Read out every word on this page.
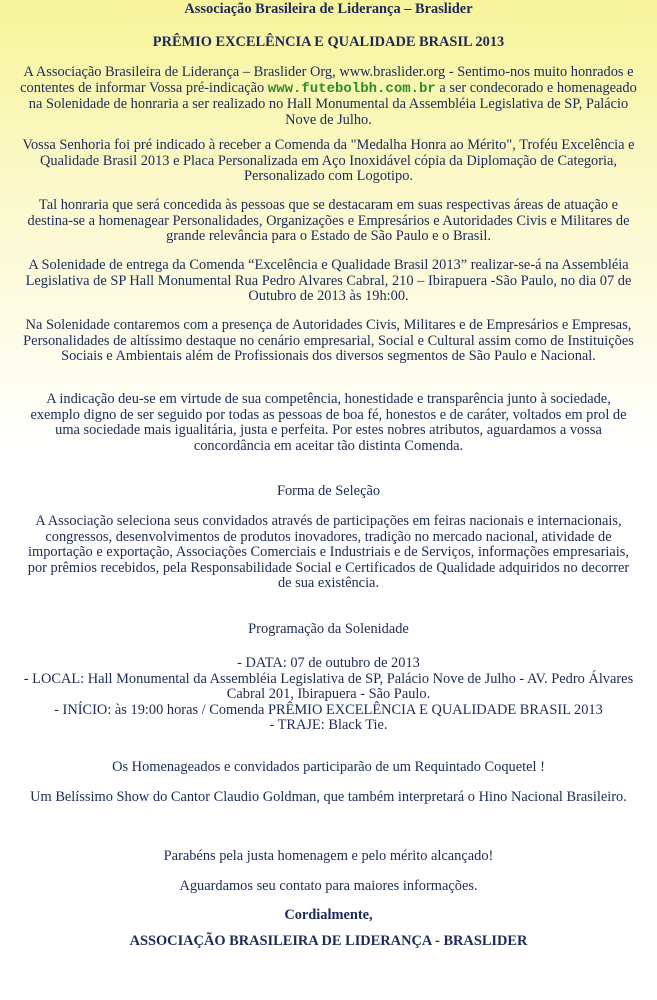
Associação Brasileira de Liderança – Braslider
PRÊMIO EXCELÊNCIA E QUALIDADE BRASIL 2013
A Associação Brasileira de Liderança – Braslider Org, www.braslider.org - Sentimo-nos muito honrados e contentes de informar Vossa pré-indicação www.futebolbh.com.br a ser condecorado e homenageado na Solenidade de honraria a ser realizado no Hall Monumental da Assembléia Legislativa de SP, Palácio Nove de Julho.
Vossa Senhoria foi pré indicado à receber a Comenda da "Medalha Honra ao Mérito", Troféu Excelência e Qualidade Brasil 2013 e Placa Personalizada em Aço Inoxidável cópia da Diplomação de Categoria, Personalizado com Logotipo.
Tal honraria que será concedida às pessoas que se destacaram em suas respectivas áreas de atuação e destina-se a homenagear Personalidades, Organizações e Empresários e Autoridades Civis e Militares de grande relevância para o Estado de São Paulo e o Brasil.
A Solenidade de entrega da Comenda “Excelência e Qualidade Brasil 2013” realizar-se-á na Assembléia Legislativa de SP Hall Monumental Rua Pedro Alvares Cabral, 210 – Ibirapuera -São Paulo, no dia 07 de Outubro de 2013 às 19h:00.
Na Solenidade contaremos com a presença de Autoridades Civis, Militares e de Empresários e Empresas, Personalidades de altíssimo destaque no cenário empresarial, Social e Cultural assim como de Instituições Sociais e Ambientais além de Profissionais dos diversos segmentos de São Paulo e Nacional.
A indicação deu-se em virtude de sua competência, honestidade e transparência junto à sociedade, exemplo digno de ser seguido por todas as pessoas de boa fé, honestos e de caráter, voltados em prol de uma sociedade mais igualitária, justa e perfeita. Por estes nobres atributos, aguardamos a vossa concordância em aceitar tão distinta Comenda.
Forma de Seleção
A Associação seleciona seus convidados através de participações em feiras nacionais e internacionais, congressos, desenvolvimentos de produtos inovadores, tradição no mercado nacional, atividade de importação e exportação, Associações Comerciais e Industriais e de Serviços, informações empresariais, por prêmios recebidos, pela Responsabilidade Social e Certificados de Qualidade adquiridos no decorrer de sua existência.
Programação da Solenidade

- DATA: 07 de outubro de 2013

- LOCAL: Hall Monumental da Assembléia Legislativa de SP, Palácio Nove de Julho - AV. Pedro Álvares Cabral 201, Ibirapuera - São Paulo.

- INÍCIO: às 19:00 horas / Comenda PRÊMIO EXCELÊNCIA E QUALIDADE BRASIL 2013

- TRAJE: Black Tie.

Os Homenageados e convidados participarão de um Requintado Coquetel !
Um Belíssimo Show do Cantor Claudio Goldman, que também interpretará o Hino Nacional Brasileiro.
Parabéns pela justa homenagem e pelo mérito alcançado!
Aguardamos seu contato para maiores informações.
Cordialmente,
ASSOCIAÇÃO BRASILEIRA DE LIDERANÇA - BRASLIDER
